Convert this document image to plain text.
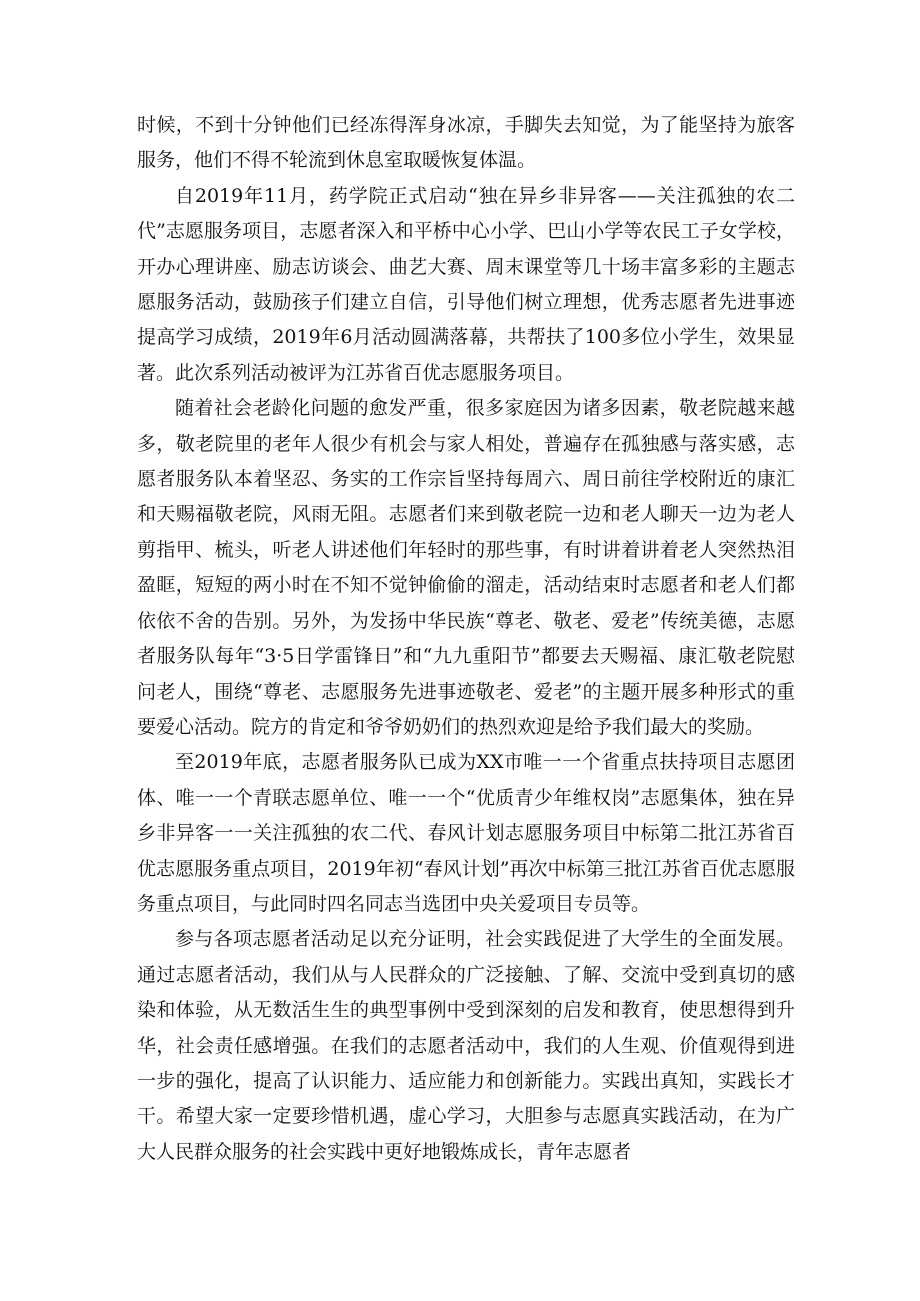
时候，不到十分钟他们已经冻得浑身冰凉，手脚失去知觉，为了能坚持为旅客服务，他们不得不轮流到休息室取暖恢复体温。

自2019年11月，药学院正式启动“独在异乡非异客——关注孤独的农二代”志愿服务项目，志愿者深入和平桥中心小学、巴山小学等农民工子女学校，开办心理讲座、励志访谈会、曲艺大赛、周末课堂等几十场丰富多彩的主题志愿服务活动，鼓励孩子们建立自信，引导他们树立理想，优秀志愿者先进事迹提高学习成绩，2019年6月活动圆满落幕，共帮扶了100多位小学生，效果显著。此次系列活动被评为江苏省百优志愿服务项目。

随着社会老龄化问题的愈发严重，很多家庭因为诸多因素，敬老院越来越多，敬老院里的老年人很少有机会与家人相处，普遍存在孤独感与落实感，志愿者服务队本着坚忍、务实的工作宗旨坚持每周六、周日前往学校附近的康汇和天赐福敬老院，风雨无阻。志愿者们来到敬老院一边和老人聊天一边为老人剪指甲、梳头，听老人讲述他们年轻时的那些事，有时讲着讲着老人突然热泪盈眶，短短的两小时在不知不觉钟偷偷的溜走，活动结束时志愿者和老人们都依依不舍的告别。另外，为发扬中华民族“尊老、敬老、爱老”传统美德，志愿者服务队每年“3·5日学雷锋日”和“九九重阳节”都要去天赐福、康汇敬老院慰问老人，围绕“尊老、志愿服务先进事迹敬老、爱老”的主题开展多种形式的重要爱心活动。院方的肯定和爷爷奶奶们的热烈欢迎是给予我们最大的奖励。

至2019年底，志愿者服务队已成为XX市唯一一个省重点扶持项目志愿团体、唯一一个青联志愿单位、唯一一个“优质青少年维权岗”志愿集体，独在异乡非异客一一关注孤独的农二代、春风计划志愿服务项目中标第二批江苏省百优志愿服务重点项目，2019年初“春风计划”再次中标第三批江苏省百优志愿服务重点项目，与此同时四名同志当选团中央关爱项目专员等。

参与各项志愿者活动足以充分证明，社会实践促进了大学生的全面发展。通过志愿者活动，我们从与人民群众的广泛接触、了解、交流中受到真切的感染和体验，从无数活生生的典型事例中受到深刻的启发和教育，使思想得到升华，社会责任感增强。在我们的志愿者活动中，我们的人生观、价值观得到进一步的强化，提高了认识能力、适应能力和创新能力。实践出真知，实践长才干。希望大家一定要珍惜机遇，虚心学习，大胆参与志愿真实践活动，在为广大人民群众服务的社会实践中更好地锻炼成长，青年志愿者
